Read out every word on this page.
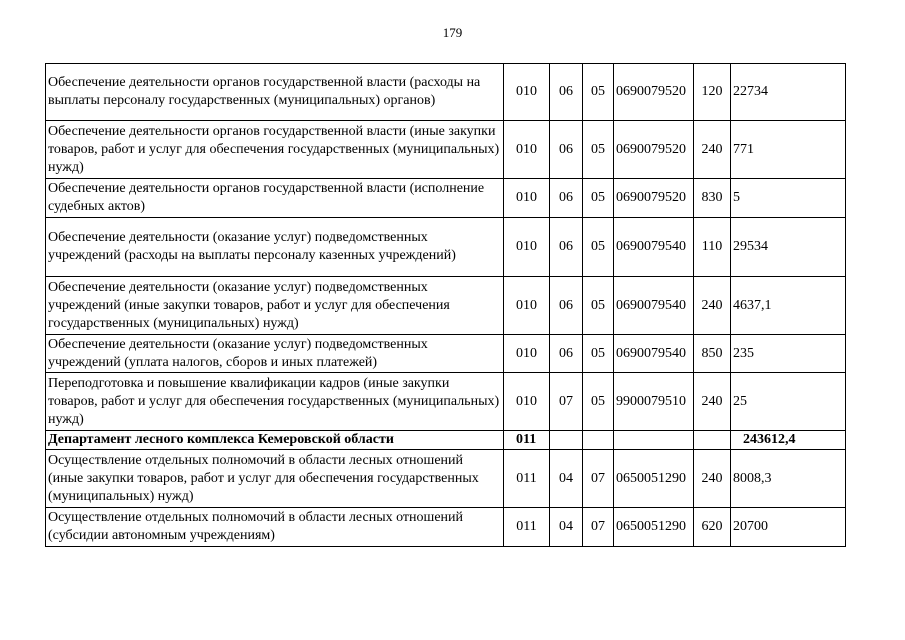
179
Обеспечение деятельности органов государственной власти (расходы на выплаты персоналу государственных (муниципальных) органов)	010	06	05	0690079520	120	22734
Обеспечение деятельности органов государственной власти (иные закупки товаров, работ и услуг для обеспечения государственных (муниципальных) нужд)	010	06	05	0690079520	240	771
Обеспечение деятельности органов государственной власти (исполнение судебных актов)	010	06	05	0690079520	830	5
Обеспечение деятельности (оказание услуг) подведомственных учреждений (расходы на выплаты персоналу казенных учреждений)	010	06	05	0690079540	110	29534
Обеспечение деятельности (оказание услуг) подведомственных учреждений (иные закупки товаров, работ и услуг для обеспечения государственных (муниципальных) нужд)	010	06	05	0690079540	240	4637,1
Обеспечение деятельности (оказание услуг) подведомственных учреждений (уплата налогов, сборов и иных платежей)	010	06	05	0690079540	850	235
Переподготовка и повышение квалификации кадров (иные закупки товаров, работ и услуг для обеспечения государственных (муниципальных) нужд)	010	07	05	9900079510	240	25
Департамент лесного комплекса Кемеровской области	011					243612,4
Осуществление отдельных полномочий в области лесных отношений (иные закупки товаров, работ и услуг для обеспечения государственных (муниципальных) нужд)	011	04	07	0650051290	240	8008,3
Осуществление отдельных полномочий в области лесных отношений (субсидии автономным учреждениям)	011	04	07	0650051290	620	20700
